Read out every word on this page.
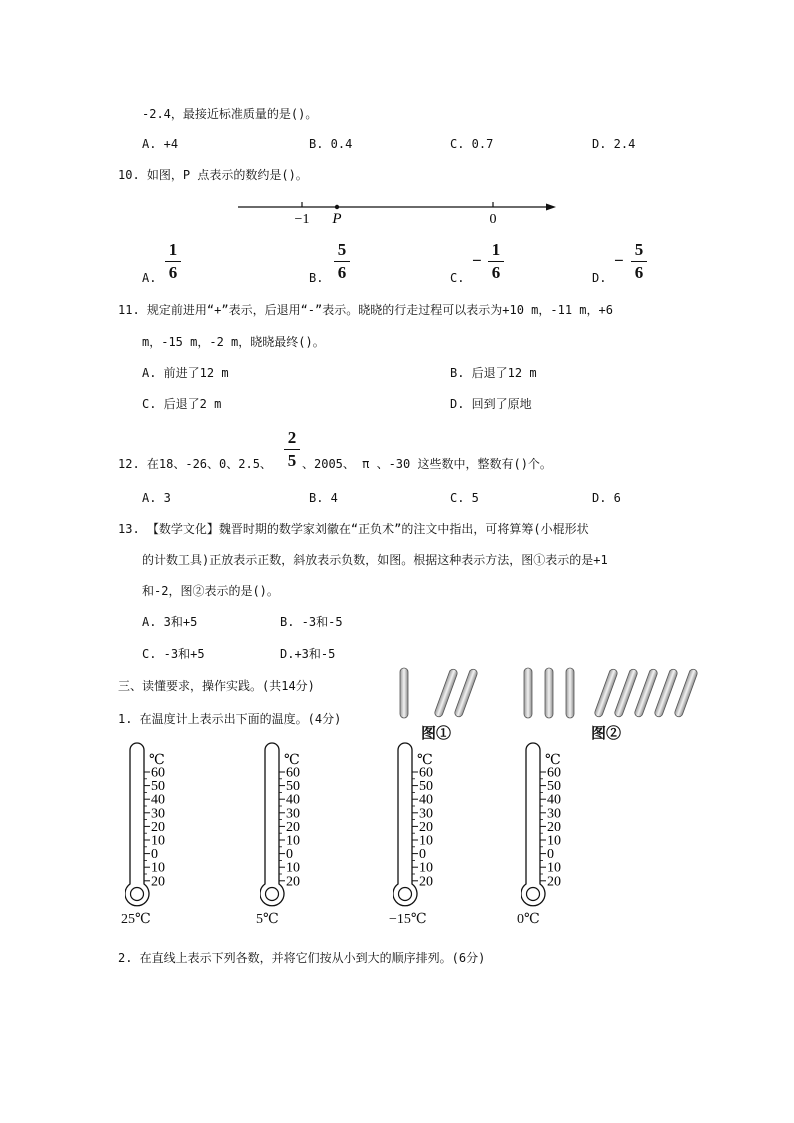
-2.4，最接近标准质量的是()。
A. +4	B. 0.4	C. 0.7	D. 2.4
10. 如图，P 点表示的数约是()。
−1 P	0
A.
1
6	B.
5
6	C.
−
1
6	D.
−
5
6
11. 规定前进用“+”表示，后退用“-”表示。晓晓的行走过程可以表示为+10 m，-11 m，+6
m，-15 m，-2 m，晓晓最终()。
A. 前进了12 m	B. 后退了12 m
C. 后退了2 m	D. 回到了原地
12. 在18、-26、0、2.5、
2
5 、2005、 π 、-30 这些数中，整数有()个。
A. 3	B. 4	C. 5	D. 6
13. 【数学文化】魏晋时期的数学家刘徽在“正负术”的注文中指出，可将算筹(小棍形状
的计数工具)正放表示正数，斜放表示负数，如图。根据这种表示方法，图①表示的是+1
和-2，图②表示的是()。
A. 3和+5	B. -3和-5
C. -3和+5	D.+3和-5
图①	图②
三、读懂要求，操作实践。(共14分)
1. 在温度计上表示出下面的温度。(4分)
℃
60
50
40
30
20
10
0
10
20
25℃
℃
60
50
40
30
20
10
0
10
20
5℃
℃
60
50
40
30
20
10
0
10
20
−15℃
℃
60
50
40
30
20
10
0
10
20
0℃
2. 在直线上表示下列各数，并将它们按从小到大的顺序排列。(6分)
